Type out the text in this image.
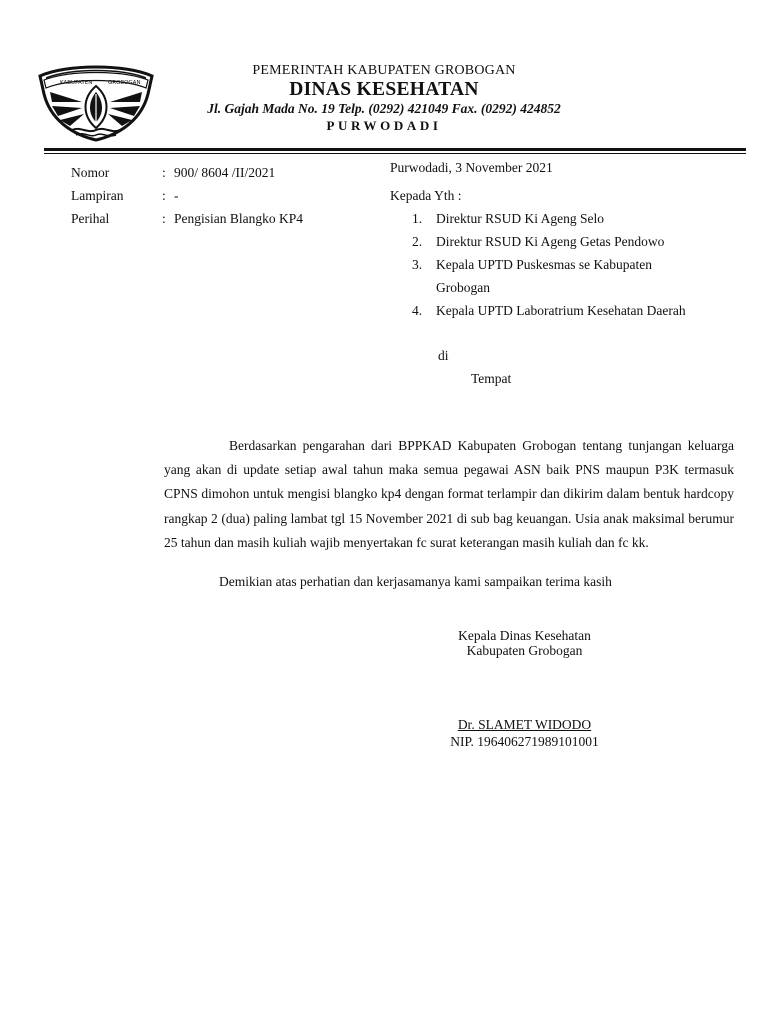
KABUPATEN	GROBOGAN
PEMERINTAH KABUPATEN GROBOGAN
DINAS KESEHATAN
Jl. Gajah Mada No. 19 Telp. (0292) 421049 Fax. (0292) 424852
PURWODADI
Nomor	: 900/ 8604 /II/2021
Lampiran	: -
Perihal	: Pengisian Blangko KP4
Purwodadi, 3 November 2021
Kepada Yth :
1. Direktur RSUD Ki Ageng Selo
2. Direktur RSUD Ki Ageng Getas Pendowo
3. Kepala UPTD Puskesmas se Kabupaten
Grobogan
4. Kepala UPTD Laboratrium Kesehatan Daerah
di
Tempat
Berdasarkan pengarahan dari BPPKAD Kabupaten Grobogan tentang tunjangan keluarga yang akan di update setiap awal tahun maka semua pegawai ASN baik PNS maupun P3K termasuk CPNS dimohon untuk mengisi blangko kp4 dengan format terlampir dan dikirim dalam bentuk hardcopy rangkap 2 (dua) paling lambat tgl 15 November 2021 di sub bag keuangan. Usia anak maksimal berumur 25 tahun dan masih kuliah wajib menyertakan fc surat keterangan masih kuliah dan fc kk.
Demikian atas perhatian dan kerjasamanya kami sampaikan terima kasih
Kepala Dinas Kesehatan
Kabupaten Grobogan
Dr. SLAMET WIDODO
NIP. 196406271989101001
